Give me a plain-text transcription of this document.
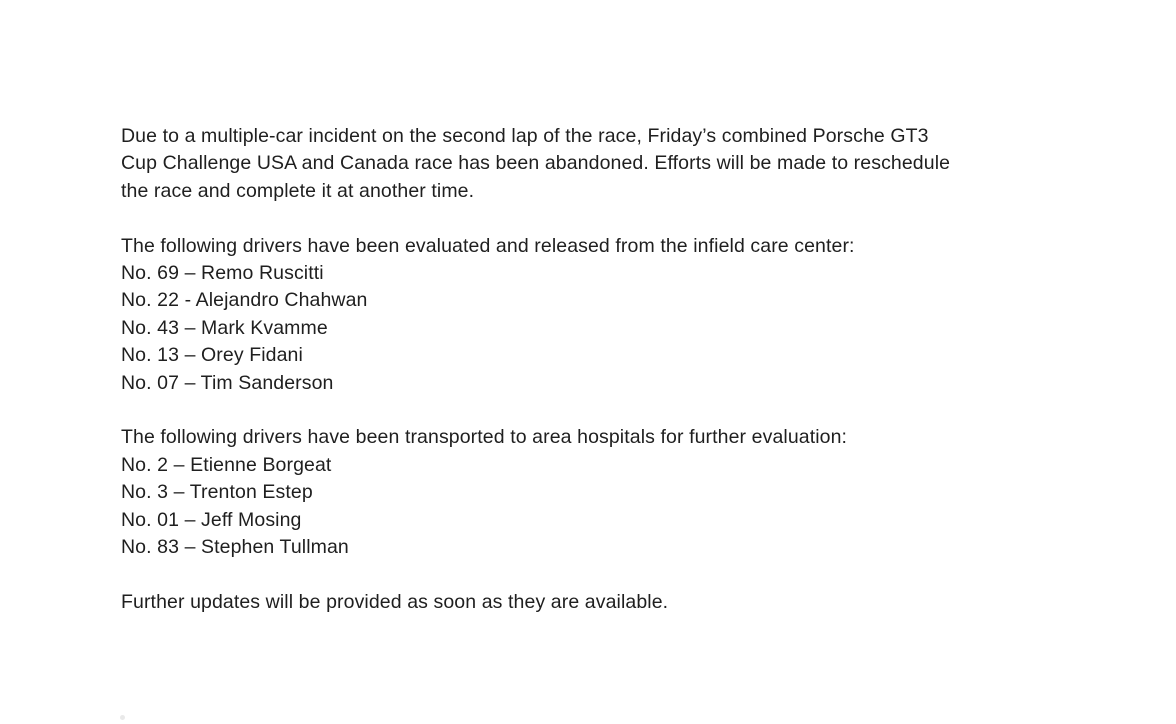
Due to a multiple-car incident on the second lap of the race, Friday’s combined Porsche GT3
Cup Challenge USA and Canada race has been abandoned. Efforts will be made to reschedule
the race and complete it at another time.
The following drivers have been evaluated and released from the infield care center:
No. 69 – Remo Ruscitti
No. 22 - Alejandro Chahwan
No. 43 – Mark Kvamme
No. 13 – Orey Fidani
No. 07 – Tim Sanderson
The following drivers have been transported to area hospitals for further evaluation:
No. 2 – Etienne Borgeat
No. 3 – Trenton Estep
No. 01 – Jeff Mosing
No. 83 – Stephen Tullman
Further updates will be provided as soon as they are available.
